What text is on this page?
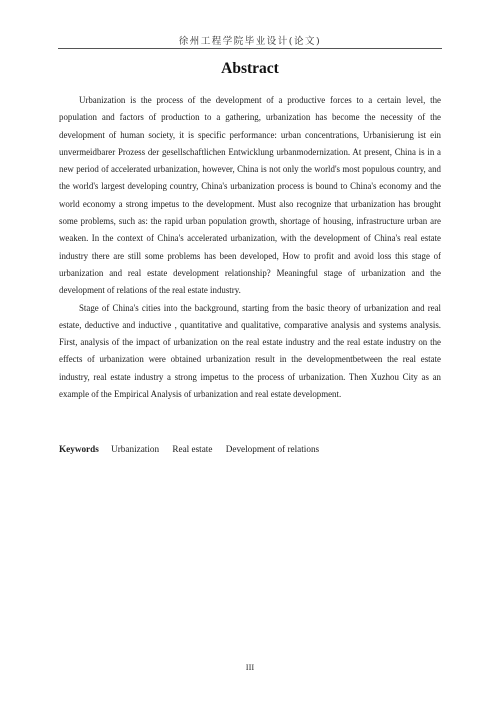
徐州工程学院毕业设计(论文)
Abstract

Urbanization is the process of the development of a productive forces to a certain level, the population and factors of production to a gathering, urbanization has become the necessity of the development of human society, it is specific performance: urban concentrations, Urbanisierung ist ein unvermeidbarer Prozess der gesellschaftlichen Entwicklung urbanmodernization. At present, China is in a new period of accelerated urbanization, however, China is not only the world's most populous country, and the world's largest developing country, China's urbanization process is bound to China's economy and the world economy a strong impetus to the development. Must also recognize that urbanization has brought some problems, such as: the rapid urban population growth, shortage of housing, infrastructure urban are weaken. In the context of China's accelerated urbanization, with the development of China's real estate industry there are still some problems has been developed, How to profit and avoid loss this stage of urbanization and real estate development relationship? Meaningful stage of urbanization and the development of relations of the real estate industry.

Stage of China's cities into the background, starting from the basic theory of urbanization and real estate, deductive and inductive , quantitative and qualitative, comparative analysis and systems analysis. First, analysis of the impact of urbanization on the real estate industry and the real estate industry on the effects of urbanization were obtained urbanization result in the developmentbetween the real estate industry, real estate industry a strong impetus to the process of urbanization. Then Xuzhou City as an example of the Empirical Analysis of urbanization and real estate development.

Keywords Urbanization Real estate Development of relations
III
